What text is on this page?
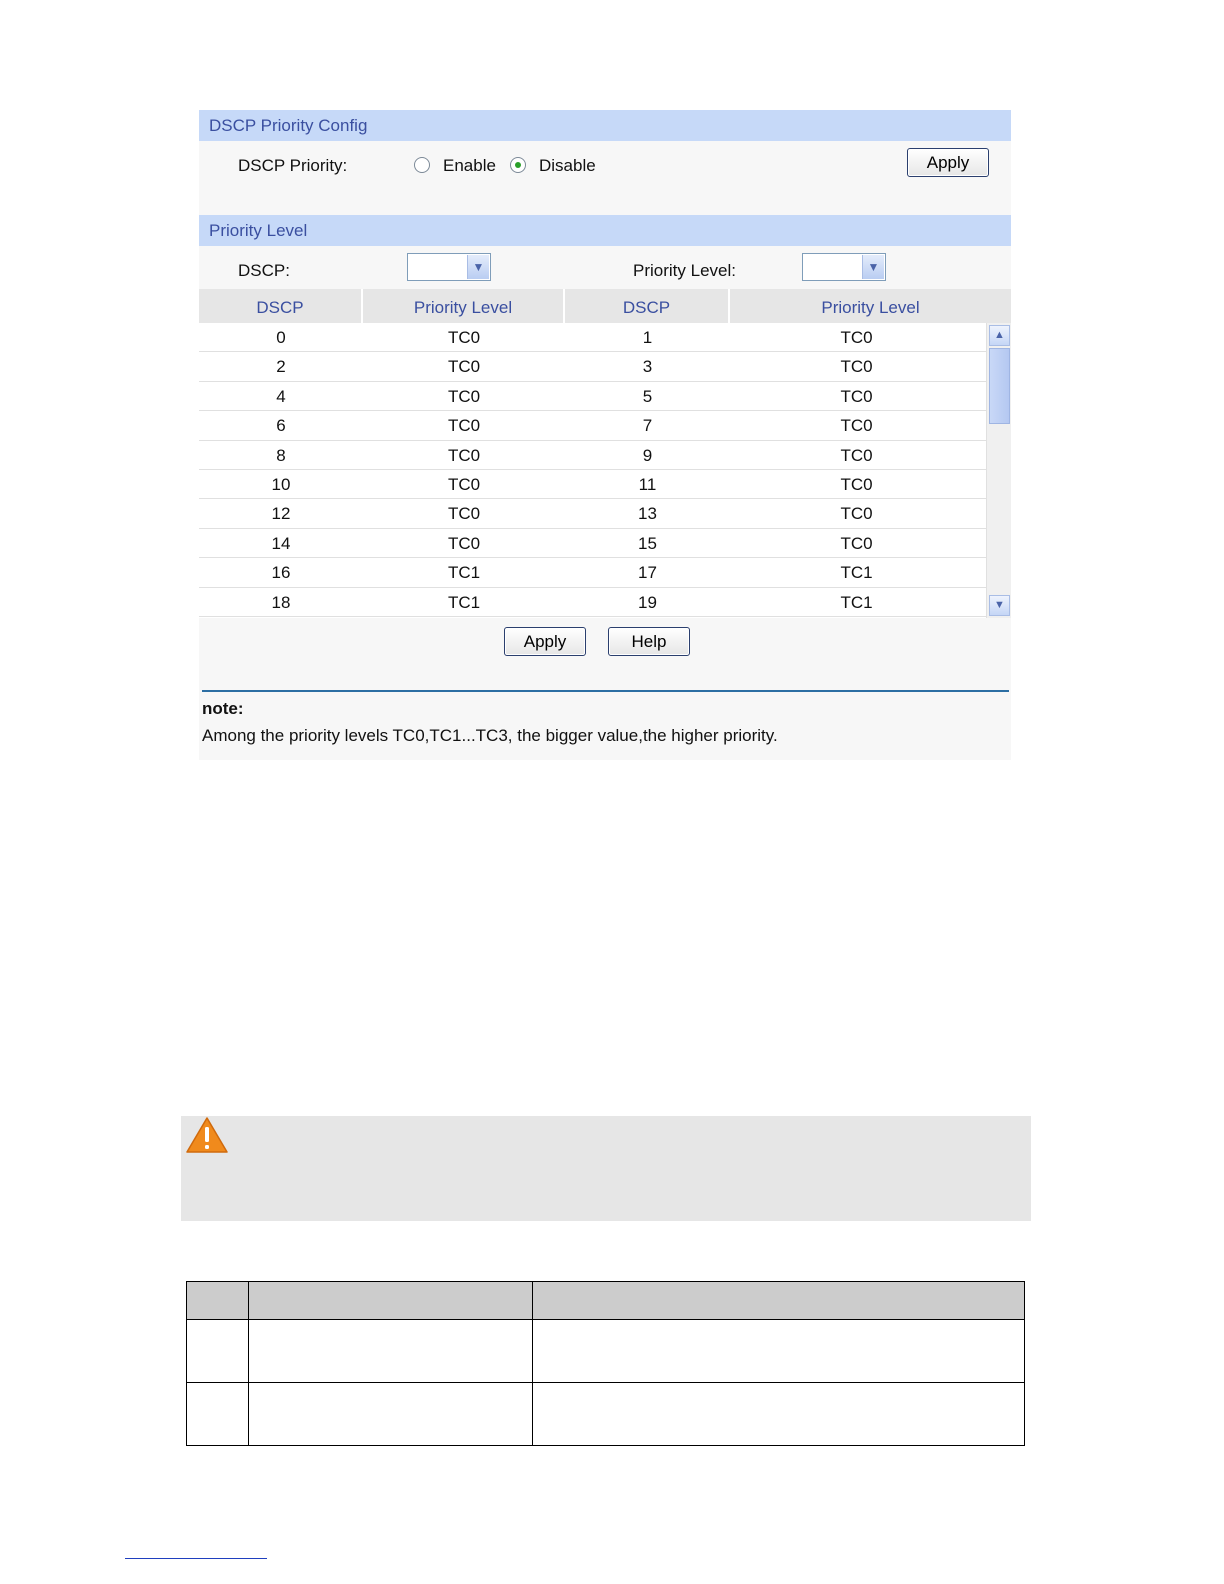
DSCP Priority Config
DSCP Priority:	Enable	Disable	Apply
Priority Level
DSCP:	▼	Priority Level:	▼
DSCP	Priority Level	DSCP	Priority Level
0	TC0	1	TC0
2	TC0	3	TC0
4	TC0	5	TC0
6	TC0	7	TC0
8	TC0	9	TC0
10	TC0	11	TC0
12	TC0	13	TC0
14	TC0	15	TC0
16	TC1	17	TC1
18	TC1	19	TC1
▲
▼
Apply	Help
note:
Among the priority levels TC0,TC1...TC3, the bigger value,the higher priority.
